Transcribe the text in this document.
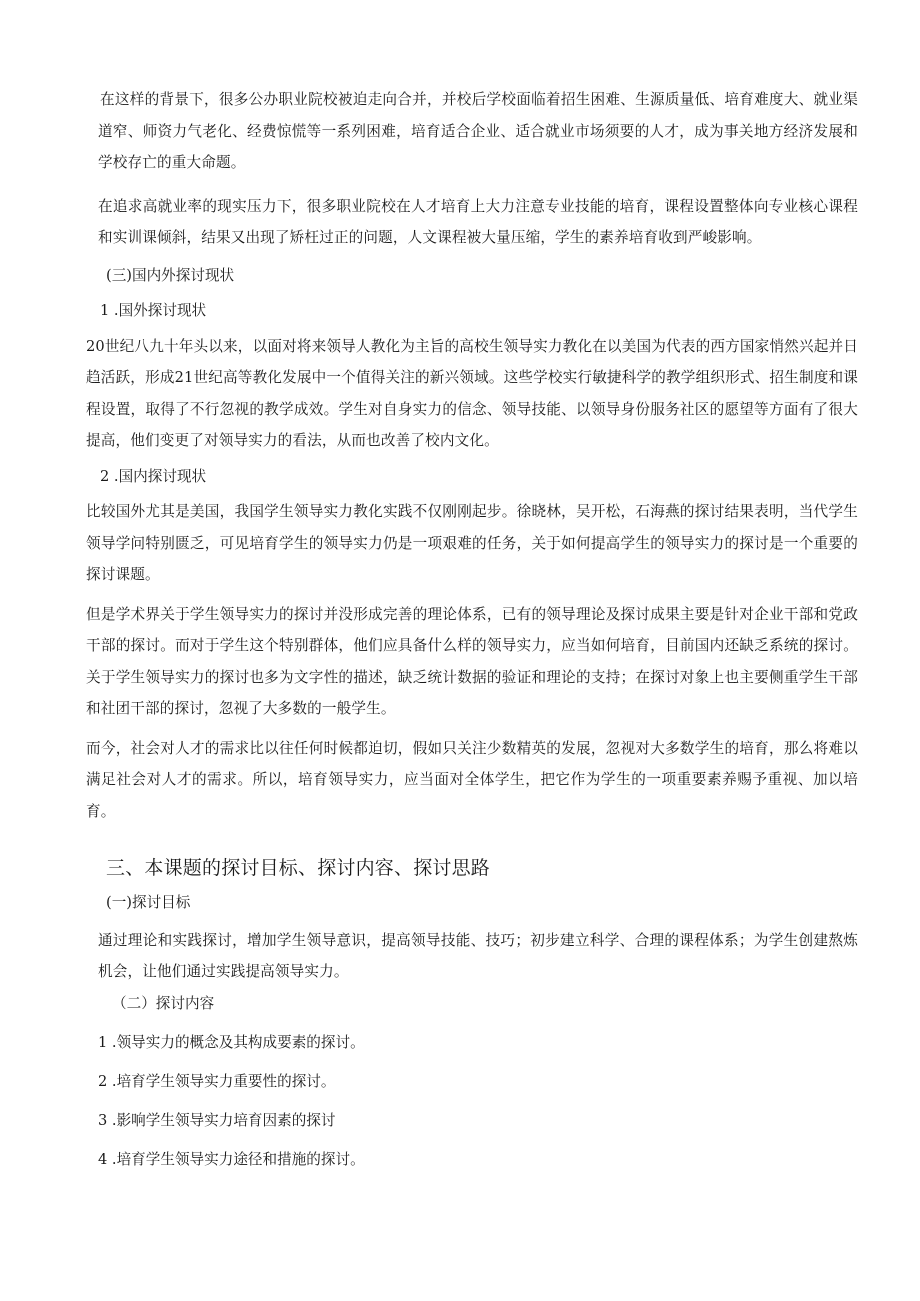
在这样的背景下，很多公办职业院校被迫走向合并，并校后学校面临着招生困难、生源质量低、培育难度大、就业渠道窄、师资力气老化、经费惊慌等一系列困难，培育适合企业、适合就业市场须要的人才，成为事关地方经济发展和学校存亡的重大命题。

在追求高就业率的现实压力下，很多职业院校在人才培育上大力注意专业技能的培育，课程设置整体向专业核心课程和实训课倾斜，结果又出现了矫枉过正的问题，人文课程被大量压缩，学生的素养培育收到严峻影响。

(三)国内外探讨现状

1 .国外探讨现状

20世纪八九十年头以来，以面对将来领导人教化为主旨的高校生领导实力教化在以美国为代表的西方国家悄然兴起并日趋活跃，形成21世纪高等教化发展中一个值得关注的新兴领域。这些学校实行敏捷科学的教学组织形式、招生制度和课程设置，取得了不行忽视的教学成效。学生对自身实力的信念、领导技能、以领导身份服务社区的愿望等方面有了很大提高，他们变更了对领导实力的看法，从而也改善了校内文化。

2 .国内探讨现状

比较国外尤其是美国，我国学生领导实力教化实践不仅刚刚起步。徐晓林，吴开松，石海燕的探讨结果表明，当代学生领导学问特别匮乏，可见培育学生的领导实力仍是一项艰难的任务，关于如何提高学生的领导实力的探讨是一个重要的探讨课题。

但是学术界关于学生领导实力的探讨并没形成完善的理论体系，已有的领导理论及探讨成果主要是针对企业干部和党政干部的探讨。而对于学生这个特别群体，他们应具备什么样的领导实力，应当如何培育，目前国内还缺乏系统的探讨。关于学生领导实力的探讨也多为文字性的描述，缺乏统计数据的验证和理论的支持；在探讨对象上也主要侧重学生干部和社团干部的探讨，忽视了大多数的一般学生。

而今，社会对人才的需求比以往任何时候都迫切，假如只关注少数精英的发展，忽视对大多数学生的培育，那么将难以满足社会对人才的需求。所以，培育领导实力，应当面对全体学生，把它作为学生的一项重要素养赐予重视、加以培育。

三、本课题的探讨目标、探讨内容、探讨思路

(一)探讨目标

通过理论和实践探讨，增加学生领导意识，提高领导技能、技巧；初步建立科学、合理的课程体系；为学生创建熬炼机会，让他们通过实践提高领导实力。

（二）探讨内容

1 .领导实力的概念及其构成要素的探讨。

2 .培育学生领导实力重要性的探讨。

3 .影响学生领导实力培育因素的探讨

4 .培育学生领导实力途径和措施的探讨。
